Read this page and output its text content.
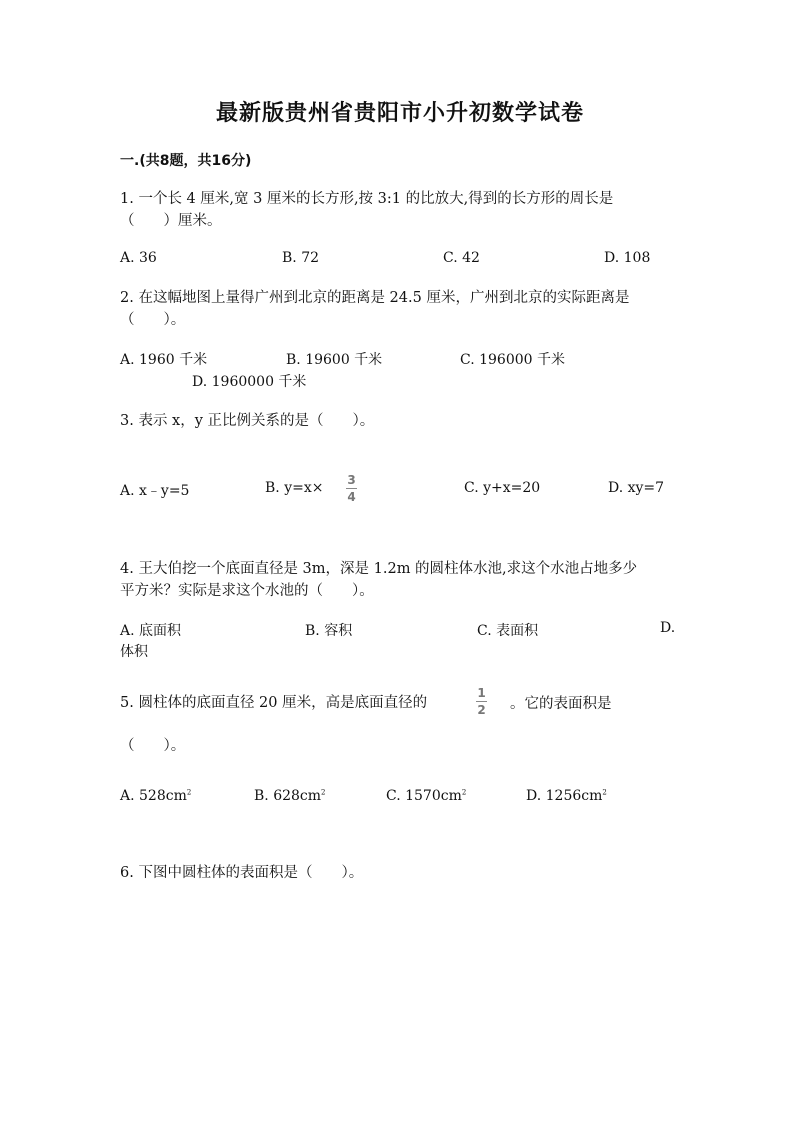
最新版贵州省贵阳市小升初数学试卷
一.(共8题，共16分)
1. 一个长 4 厘米,宽 3 厘米的长方形,按 3:1 的比放大,得到的长方形的周长是
（　　）厘米。
A. 36	B. 72	C. 42	D. 108
2. 在这幅地图上量得广州到北京的距离是 24.5 厘米，广州到北京的实际距离是
（　　）。
A. 1960 千米	B. 19600 千米	C. 196000 千米
D. 1960000 千米
3. 表示 x，y 正比例关系的是（　　）。
A. x﹣y=5	B. y=x× 3
4
C. y+x=20	D. xy=7
4. 王大伯挖一个底面直径是 3m，深是 1.2m 的圆柱体水池,求这个水池占地多少
平方米？实际是求这个水池的（　　）。
A. 底面积	B. 容积	C. 表面积	D.
体积
5. 圆柱体的底面直径 20 厘米，高是底面直径的
1
2 。它的表面积是
（　　）。
A. $528cm^2$	B. $628cm^2$	C. $1570cm^2$	D. $1256cm^2$
6. 下图中圆柱体的表面积是（　　）。
